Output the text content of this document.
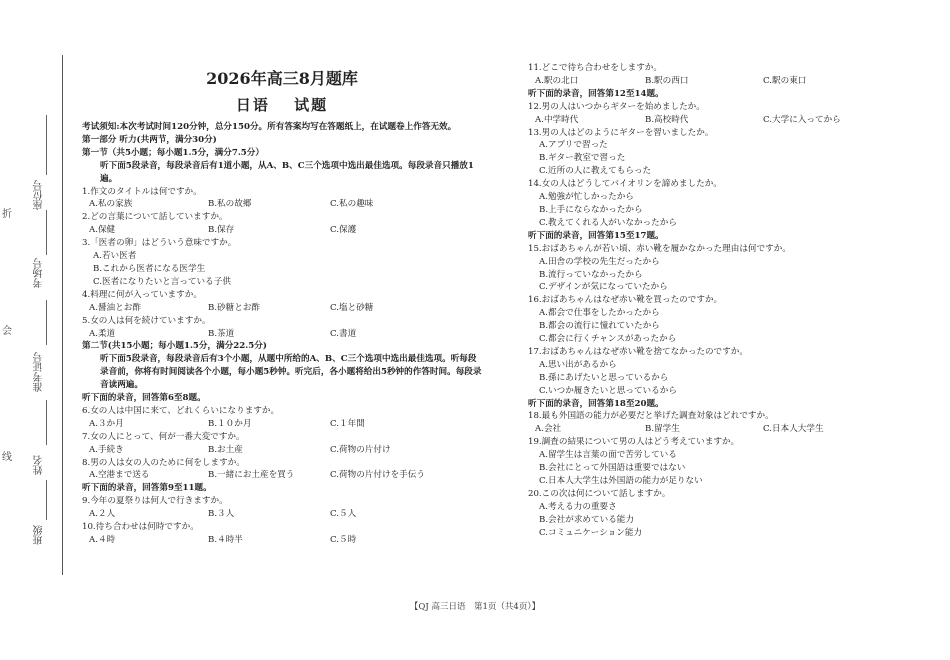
折
会
线
座位号
考场号
准考证号
姓名
班级
2026年高三8月题库
日语　 试题

考试须知:本次考试时间120分钟，总分150分。所有答案均写在答题纸上，在试题卷上作答无效。

第一部分 听力(共两节，满分30分)

第一节（共5小题；每小题1.5分，满分7.5分）

听下面5段录音，每段录音后有1道小题，从A、B、C三个选项中选出最佳选项。每段录音只播放1遍。

1.作文のタイトルは何ですか。

A.私の家族	B.私の故郷	C.私の趣味

2.どの言葉について話していますか。

A.保健	B.保存	C.保護

3.「医者の卵」はどういう意味ですか。

A.若い医者

B.これから医者になる医学生

C.医者になりたいと言っている子供

4.料理に何が入っていますか。

A.醤油とお酢	B.砂糖とお酢	C.塩と砂糖

5.女の人は何を続けていますか。

A.柔道	B.茶道	C.書道

第二节(共15小题；每小题1.5分，满分22.5分)

听下面5段录音，每段录音后有3个小题，从题中所给的A、B、C三个选项中选出最佳选项。听每段录音前，你将有时间阅读各个小题，每小题5秒钟。听完后，各小题将给出5秒钟的作答时间。每段录音读两遍。

听下面的录音，回答第6至8题。

6.女の人は中国に来て、どれくらいになりますか。

A.３か月	B.１０か月	C.１年間

7.女の人にとって、何が一番大変ですか。

A.手続き	B.お土産	C.荷物の片付け

8.男の人は女の人のために何をしますか。

A.空港まで送る	B.一緒にお土産を買う	C.荷物の片付けを手伝う

听下面的录音，回答第9至11题。

9.今年の夏祭りは何人で行きますか。

A.２人	B.３人	C.５人

10.待ち合わせは何時ですか。

A.４時	B.４時半	C.５時

11.どこで待ち合わせをしますか。

A.駅の北口	B.駅の西口	C.駅の東口

听下面的录音，回答第12至14题。

12.男の人はいつからギターを始めましたか。

A.中学時代	B.高校時代	C.大学に入ってから

13.男の人はどのようにギターを習いましたか。

A.アプリで習った

B.ギター教室で習った

C.近所の人に教えてもらった

14.女の人はどうしてバイオリンを諦めましたか。

A.勉強が忙しかったから

B.上手にならなかったから

C.教えてくれる人がいなかったから

听下面的录音，回答第15至17题。

15.おばあちゃんが若い頃、赤い靴を履かなかった理由は何ですか。

A.田舎の学校の先生だったから

B.流行っていなかったから

C.デザインが気になっていたから

16.おばあちゃんはなぜ赤い靴を買ったのですか。

A.都会で仕事をしたかったから

B.都会の流行に憧れていたから

C.都会に行くチャンスがあったから

17.おばあちゃんはなぜ赤い靴を捨てなかったのですか。

A.思い出があるから

B.孫にあげたいと思っているから

C.いつか履きたいと思っているから

听下面的录音，回答第18至20题。

18.最も外国語の能力が必要だと挙げた調査対象はどれですか。

A.会社	B.留学生	C.日本人大学生

19.調査の結果について男の人はどう考えていますか。

A.留学生は言葉の面で苦労している

B.会社にとって外国語は重要ではない

C.日本人大学生は外国語の能力が足りない

20.この次は何について話しますか。

A.考える力の重要さ

B.会社が求めている能力

C.コミュニケーション能力

【QJ 高三日语　第1页（共4页）】
